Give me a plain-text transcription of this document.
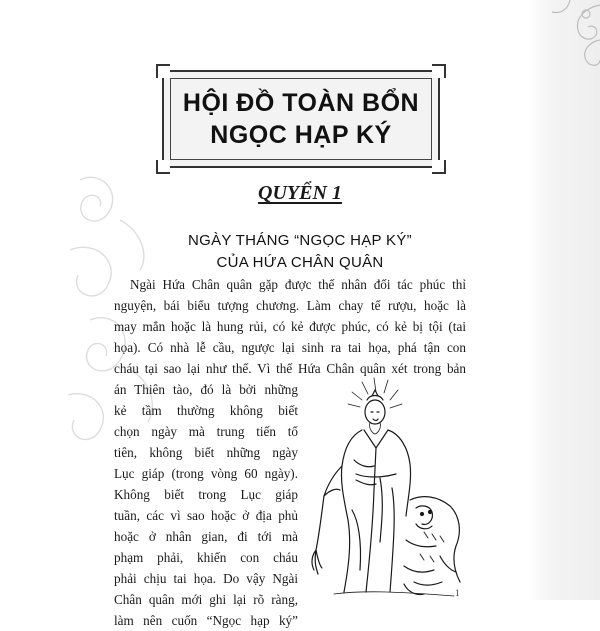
HỘI ĐỒ TOÀN BỔN
NGỌC HẠP KÝ
QUYỂN 1
NGÀY THÁNG “NGỌC HẠP KÝ”
CỦA HỨA CHÂN QUÂN
Ngài Hứa Chân quân gặp được thế nhân đối tác phúc thỉ
nguyện, bái biểu tượng chương. Làm chay tế rượu, hoặc là
may mắn hoặc là hung rủi, có kẻ được phúc, có kẻ bị tội (tai
họa). Có nhà lễ cầu, ngược lại sinh ra tai họa, phá tận con
cháu tại sao lại như thế. Vì thế Hứa Chân quân xét trong bản
án Thiên tào, đó là bởi những
kẻ tầm thường không biết
chọn ngày mà trung tiến tổ
tiên, không biết những ngày
Lục giáp (trong vòng 60 ngày).
Không biết trong Lục giáp
tuần, các vì sao hoặc ở địa phủ
hoặc ở nhân gian, đi tới mà
phạm phải, khiến con cháu
phải chịu tai họa. Do vậy Ngài
Chân quân mới ghi lại rõ ràng,
làm nên cuốn “Ngọc hạp ký”
1
